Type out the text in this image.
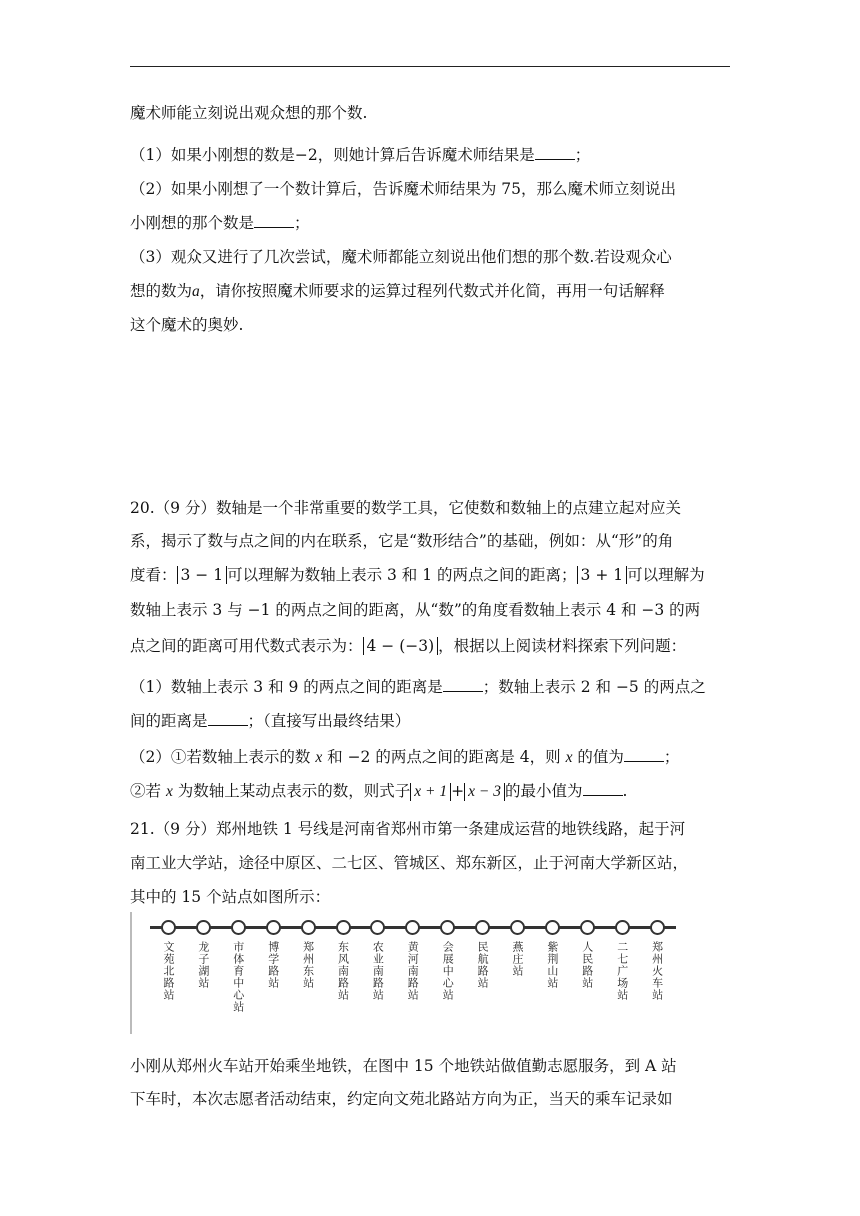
魔术师能立刻说出观众想的那个数.
（1）如果小刚想的数是−2，则她计算后告诉魔术师结果是	；
（2）如果小刚想了一个数计算后，告诉魔术师结果为 75，那么魔术师立刻说出
小刚想的那个数是	；
（3）观众又进行了几次尝试，魔术师都能立刻说出他们想的那个数.若设观众心
想的数为a，请你按照魔术师要求的运算过程列代数式并化简，再用一句话解释
这个魔术的奥妙.
20.（9 分）数轴是一个非常重要的数学工具，它使数和数轴上的点建立起对应关
系，揭示了数与点之间的内在联系，它是“数形结合”的基础，例如：从“形”的角
度看： 3 − 1 可以理解为数轴上表示 3 和 1 的两点之间的距离； 3 + 1 可以理解为
数轴上表示 3 与 −1 的两点之间的距离，从“数”的角度看数轴上表示 4 和 −3 的两
点之间的距离可用代数式表示为： 4 − (−3) ，根据以上阅读材料探索下列问题：
（1）数轴上表示 3 和 9 的两点之间的距离是	；数轴上表示 2 和 −5 的两点之
间的距离是	；（直接写出最终结果）
（2）①若数轴上表示的数 x 和 −2 的两点之间的距离是 4，则 x 的值为	；
②若 x 为数轴上某动点表示的数，则式子 x + 1 + x − 3 的最小值为	.
21.（9 分）郑州地铁 1 号线是河南省郑州市第一条建成运营的地铁线路，起于河
南工业大学站，途径中原区、二七区、管城区、郑东新区，止于河南大学新区站，
其中的 15 个站点如图所示：
文苑北路站 龙子湖站 市体育中心站 博学路站 郑州东站 东风南路站 农业南路站 黄河南路站 会展中心站 民航路站 燕庄站 紫荆山站 人民路站 二七广场站 郑州火车站
小刚从郑州火车站开始乘坐地铁，在图中 15 个地铁站做值勤志愿服务，到 A 站
下车时，本次志愿者活动结束，约定向文苑北路站方向为正，当天的乘车记录如
